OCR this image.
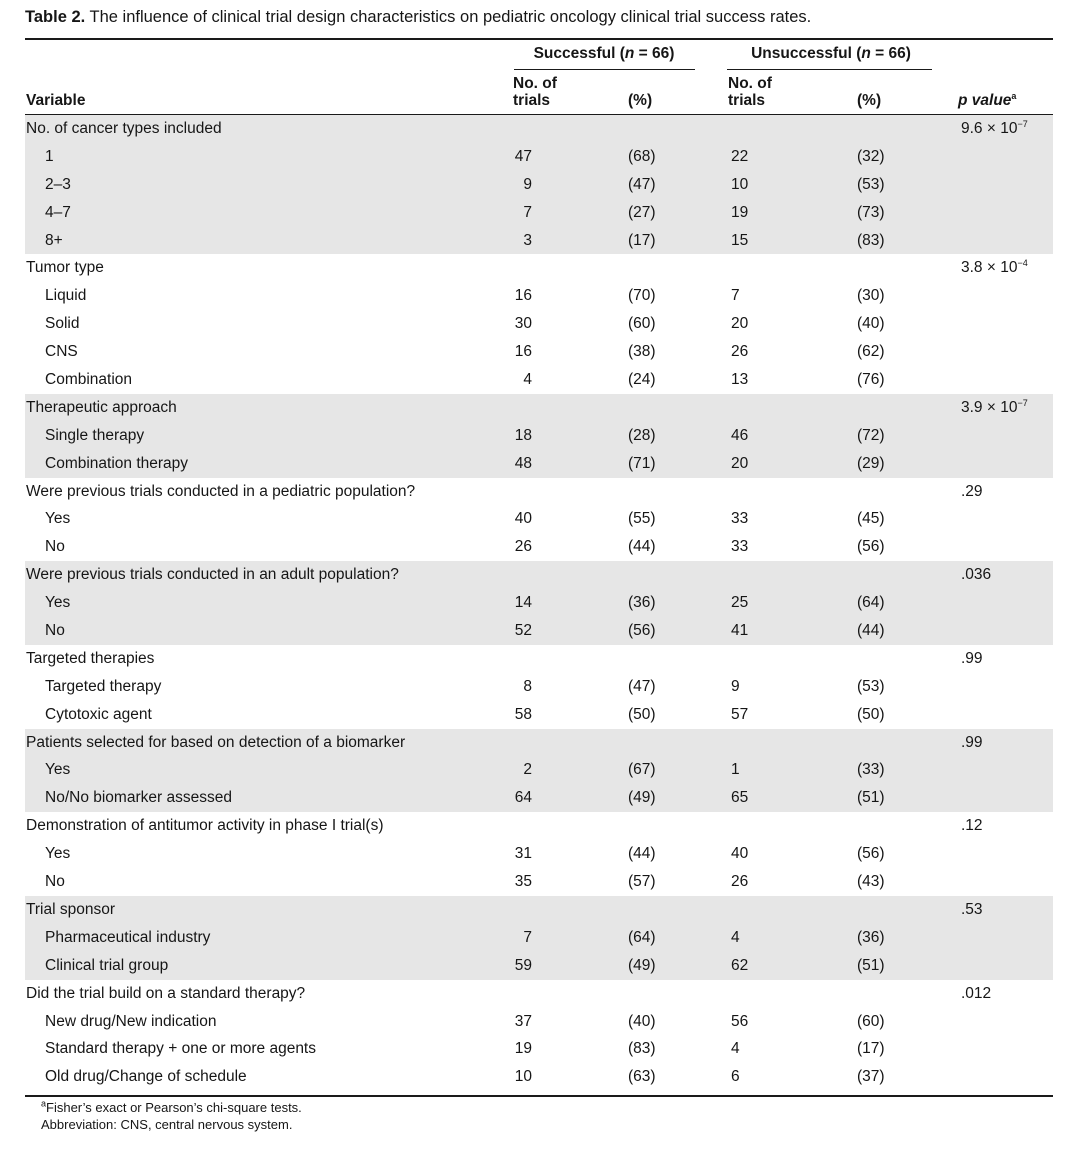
Table 2. The influence of clinical trial design characteristics on pediatric oncology clinical trial success rates.
Successful (n = 66)	Unsuccessful (n = 66)
Variable
No. of
trials	(%)
No. of
trials	(%)	p value$^a$
No. of cancer types included	$9.6 \times 10^{-7}$
1	47	(68)	22	(32)
2–3	9	(47)	10	(53)
4–7	7	(27)	19	(73)
8+	3	(17)	15	(83)
Tumor type	$3.8 \times 10^{-4}$
Liquid	16	(70)	7	(30)
Solid	30	(60)	20	(40)
CNS	16	(38)	26	(62)
Combination	4	(24)	13	(76)
Therapeutic approach	$3.9 \times 10^{-7}$
Single therapy	18	(28)	46	(72)
Combination therapy	48	(71)	20	(29)
Were previous trials conducted in a pediatric population?	.29
Yes	40	(55)	33	(45)
No	26	(44)	33	(56)
Were previous trials conducted in an adult population?	.036
Yes	14	(36)	25	(64)
No	52	(56)	41	(44)
Targeted therapies	.99
Targeted therapy	8	(47)	9	(53)
Cytotoxic agent	58	(50)	57	(50)
Patients selected for based on detection of a biomarker	.99
Yes	2	(67)	1	(33)
No/No biomarker assessed	64	(49)	65	(51)
Demonstration of antitumor activity in phase I trial(s)	.12
Yes	31	(44)	40	(56)
No	35	(57)	26	(43)
Trial sponsor	.53
Pharmaceutical industry	7	(64)	4	(36)
Clinical trial group	59	(49)	62	(51)
Did the trial build on a standard therapy?	.012
New drug/New indication	37	(40)	56	(60)
Standard therapy + one or more agents	19	(83)	4	(17)
Old drug/Change of schedule	10	(63)	6	(37)
$^a$Fisher’s exact or Pearson’s chi-square tests.
Abbreviation: CNS, central nervous system.
